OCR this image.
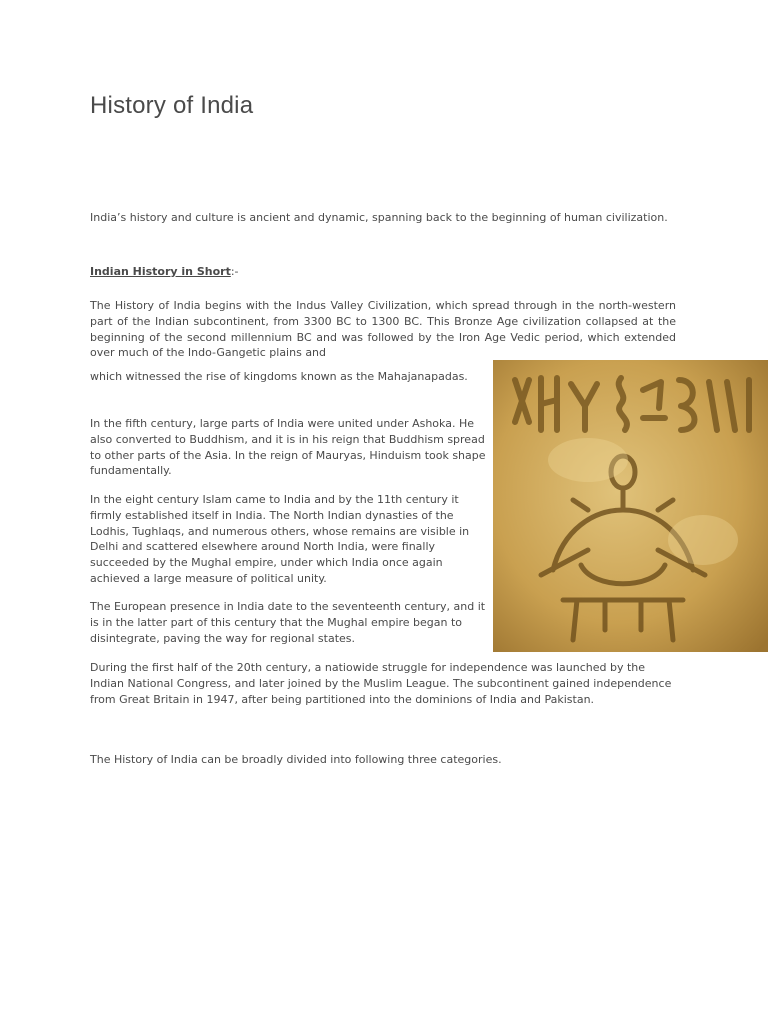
History of India

India’s history and culture is ancient and dynamic, spanning back to the beginning of human civilization.

Indian History in Short:-

The History of India begins with the Indus Valley Civilization, which spread through in the north-western part of the Indian subcontinent, from 3300 BC to 1300 BC. This Bronze Age civilization collapsed at the beginning of the second millennium BC and was followed by the Iron Age Vedic period, which extended over much of the Indo-Gangetic plains and

which witnessed the rise of kingdoms known as the Mahajanapadas.

In the fifth century, large parts of India were united under Ashoka. He also converted to Buddhism, and it is in his reign that Buddhism spread to other parts of the Asia. In the reign of Mauryas, Hinduism took shape fundamentally.

In the eight century Islam came to India and by the 11th century it firmly established itself in India. The North Indian dynasties of the Lodhis, Tughlaqs, and numerous others, whose remains are visible in Delhi and scattered elsewhere around North India, were finally succeeded by the Mughal empire, under which India once again achieved a large measure of political unity.

The European presence in India date to the seventeenth century, and it is in the latter part of this century that the Mughal empire began to disintegrate, paving the way for regional states.

During the first half of the 20th century, a natiowide struggle for independence was launched by the Indian National Congress, and later joined by the Muslim League. The subcontinent gained independence from Great Britain in 1947, after being partitioned into the dominions of India and Pakistan.

The History of India can be broadly divided into following three categories.
